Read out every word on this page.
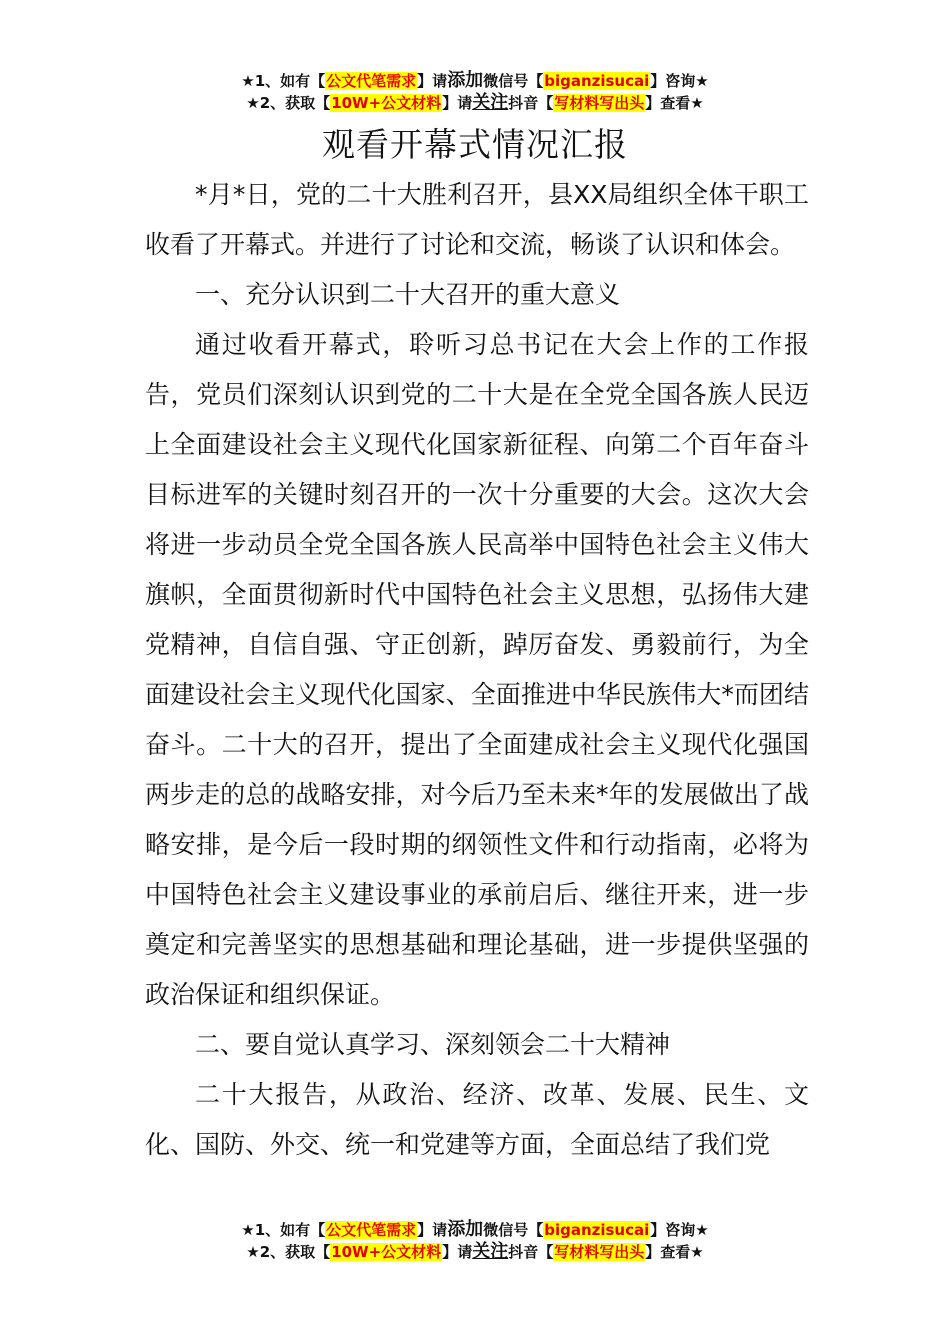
★1、如有【公文代笔需求】请添加微信号【biganzisucai】咨询★
★2、获取【10W+公文材料】请关注抖音【写材料写出头】查看★
观看开幕式情况汇报

*月*日，党的二十大胜利召开，县XX局组织全体干职工收看了开幕式。并进行了讨论和交流，畅谈了认识和体会。

一、充分认识到二十大召开的重大意义

通过收看开幕式，聆听习总书记在大会上作的工作报告，党员们深刻认识到党的二十大是在全党全国各族人民迈上全面建设社会主义现代化国家新征程、向第二个百年奋斗目标进军的关键时刻召开的一次十分重要的大会。这次大会将进一步动员全党全国各族人民高举中国特色社会主义伟大旗帜，全面贯彻新时代中国特色社会主义思想，弘扬伟大建党精神，自信自强、守正创新，踔厉奋发、勇毅前行，为全面建设社会主义现代化国家、全面推进中华民族伟大*而团结奋斗。二十大的召开，提出了全面建成社会主义现代化强国两步走的总的战略安排，对今后乃至未来*年的发展做出了战略安排，是今后一段时期的纲领性文件和行动指南，必将为中国特色社会主义建设事业的承前启后、继往开来，进一步奠定和完善坚实的思想基础和理论基础，进一步提供坚强的政治保证和组织保证。

二、要自觉认真学习、深刻领会二十大精神

二十大报告，从政治、经济、改革、发展、民生、文化、国防、外交、统一和党建等方面，全面总结了我们党

★1、如有【公文代笔需求】请添加微信号【biganzisucai】咨询★
★2、获取【10W+公文材料】请关注抖音【写材料写出头】查看★
